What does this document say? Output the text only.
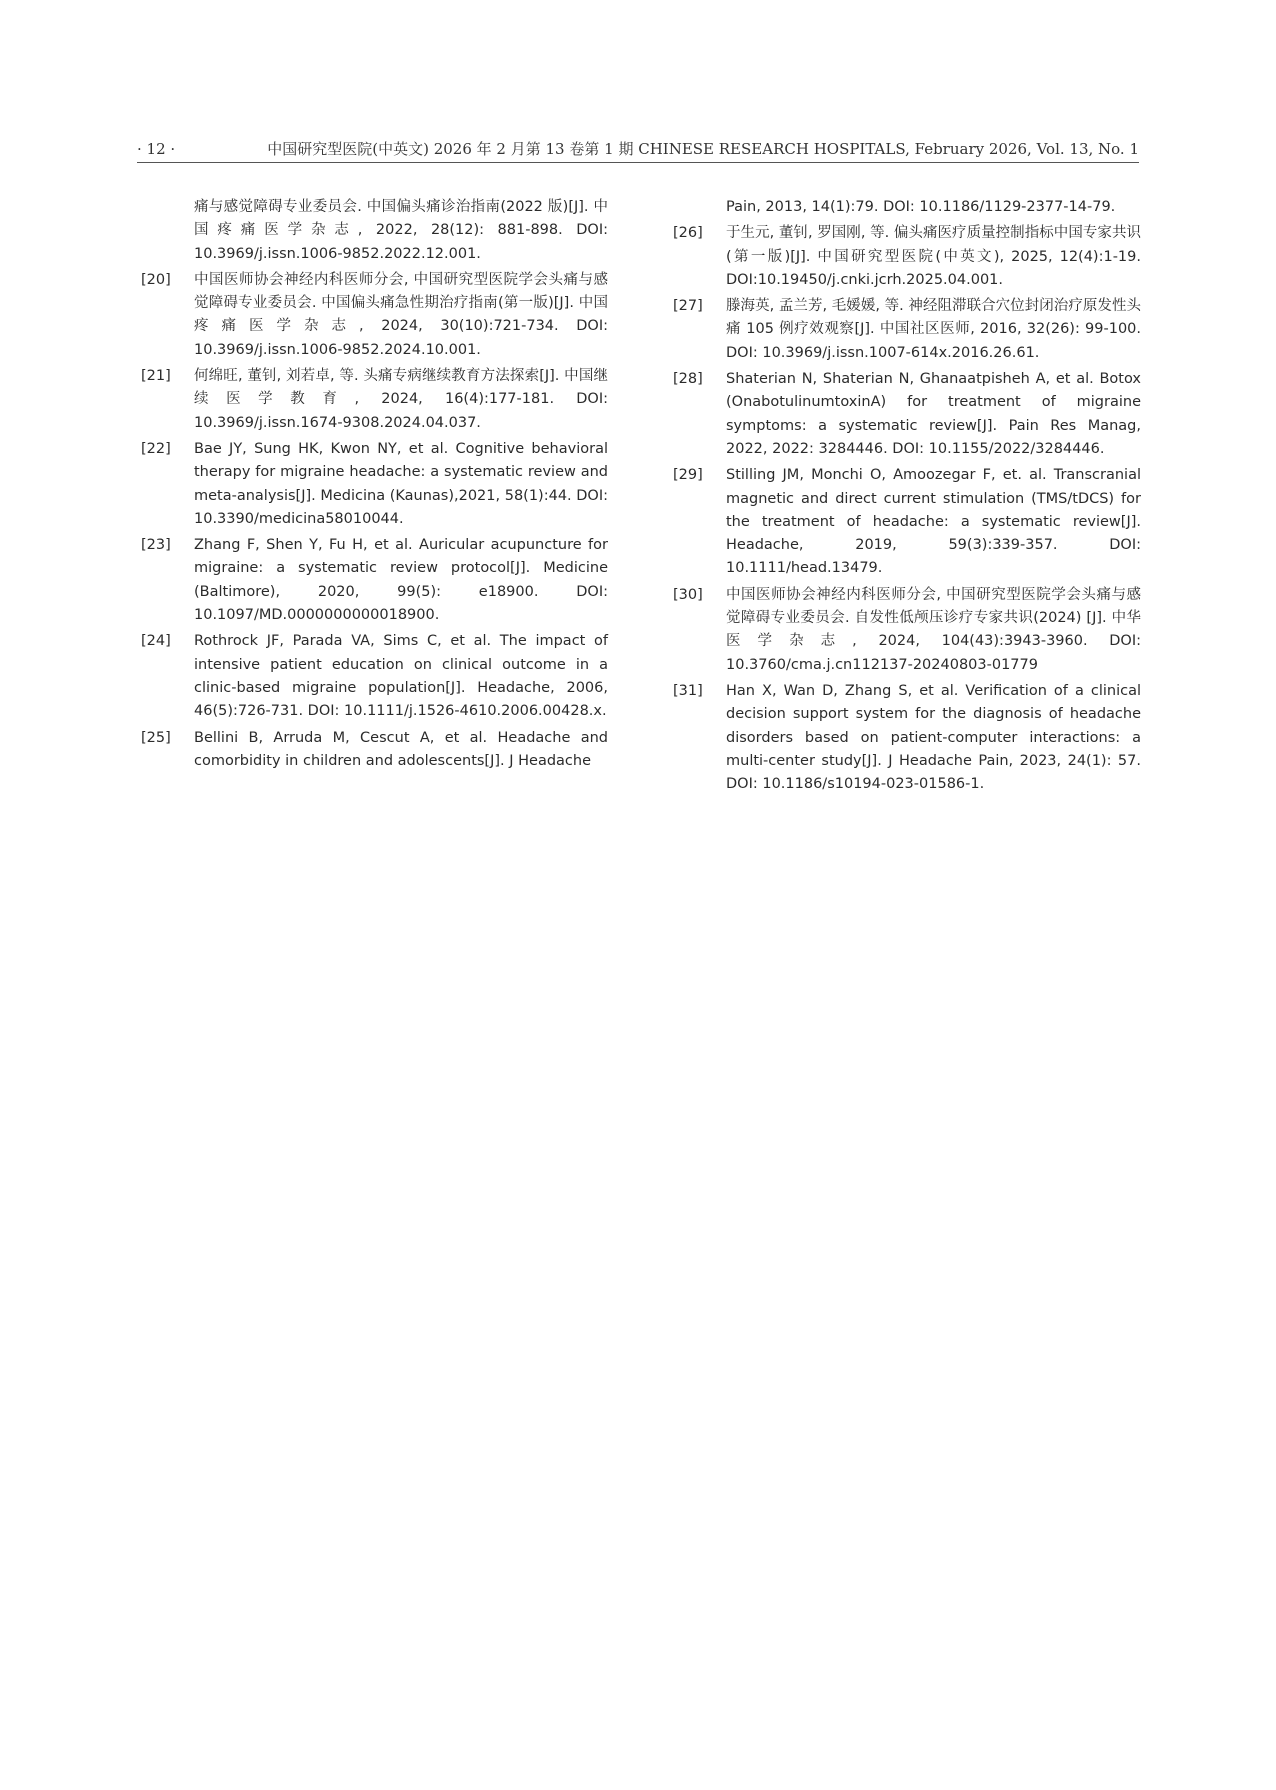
· 12 ·	中国研究型医院(中英文) 2026 年 2 月第 13 卷第 1 期 CHINESE RESEARCH HOSPITALS, February 2026, Vol. 13, No. 1
痛与感觉障碍专业委员会. 中国偏头痛诊治指南(2022 版)[J]. 中国疼痛医学杂志, 2022, 28(12): 881-898. DOI: 10.3969/j.issn.1006-9852.2022.12.001.
[20]	中国医师协会神经内科医师分会, 中国研究型医院学会头痛与感觉障碍专业委员会. 中国偏头痛急性期治疗指南(第一版)[J]. 中国疼痛医学杂志, 2024, 30(10):721-734. DOI: 10.3969/j.issn.1006-9852.2024.10.001.
[21]	何绵旺, 董钊, 刘若卓, 等. 头痛专病继续教育方法探索[J]. 中国继续医学教育, 2024, 16(4):177-181. DOI: 10.3969/j.issn.1674-9308.2024.04.037.
[22]	Bae JY, Sung HK, Kwon NY, et al. Cognitive behavioral therapy for migraine headache: a systematic review and meta-analysis[J]. Medicina (Kaunas),2021, 58(1):44. DOI: 10.3390/medicina58010044.
[23]	Zhang F, Shen Y, Fu H, et al. Auricular acupuncture for migraine: a systematic review protocol[J]. Medicine (Baltimore), 2020, 99(5): e18900. DOI: 10.1097/MD.0000000000018900.
[24]	Rothrock JF, Parada VA, Sims C, et al. The impact of intensive patient education on clinical outcome in a clinic-based migraine population[J]. Headache, 2006, 46(5):726-731. DOI: 10.1111/j.1526-4610.2006.00428.x.
[25]	Bellini B, Arruda M, Cescut A, et al. Headache and comorbidity in children and adolescents[J]. J Headache
Pain, 2013, 14(1):79. DOI: 10.1186/1129-2377-14-79.
[26]	于生元, 董钊, 罗国刚, 等. 偏头痛医疗质量控制指标中国专家共识(第一版)[J]. 中国研究型医院(中英文), 2025, 12(4):1-19. DOI:10.19450/j.cnki.jcrh.2025.04.001.
[27]	滕海英, 孟兰芳, 毛媛媛, 等. 神经阻滞联合穴位封闭治疗原发性头痛 105 例疗效观察[J]. 中国社区医师, 2016, 32(26): 99-100. DOI: 10.3969/j.issn.1007-614x.2016.26.61.
[28]	Shaterian N, Shaterian N, Ghanaatpisheh A, et al. Botox (OnabotulinumtoxinA) for treatment of migraine symptoms: a systematic review[J]. Pain Res Manag, 2022, 2022: 3284446. DOI: 10.1155/2022/3284446.
[29]	Stilling JM, Monchi O, Amoozegar F, et. al. Transcranial magnetic and direct current stimulation (TMS/tDCS) for the treatment of headache: a systematic review[J]. Headache, 2019, 59(3):339-357. DOI: 10.1111/head.13479.
[30]	中国医师协会神经内科医师分会, 中国研究型医院学会头痛与感觉障碍专业委员会. 自发性低颅压诊疗专家共识(2024) [J]. 中华医学杂志, 2024, 104(43):3943-3960. DOI: 10.3760/cma.j.cn112137-20240803-01779
[31]	Han X, Wan D, Zhang S, et al. Verification of a clinical decision support system for the diagnosis of headache disorders based on patient-computer interactions: a multi-center study[J]. J Headache Pain, 2023, 24(1): 57. DOI: 10.1186/s10194-023-01586-1.
